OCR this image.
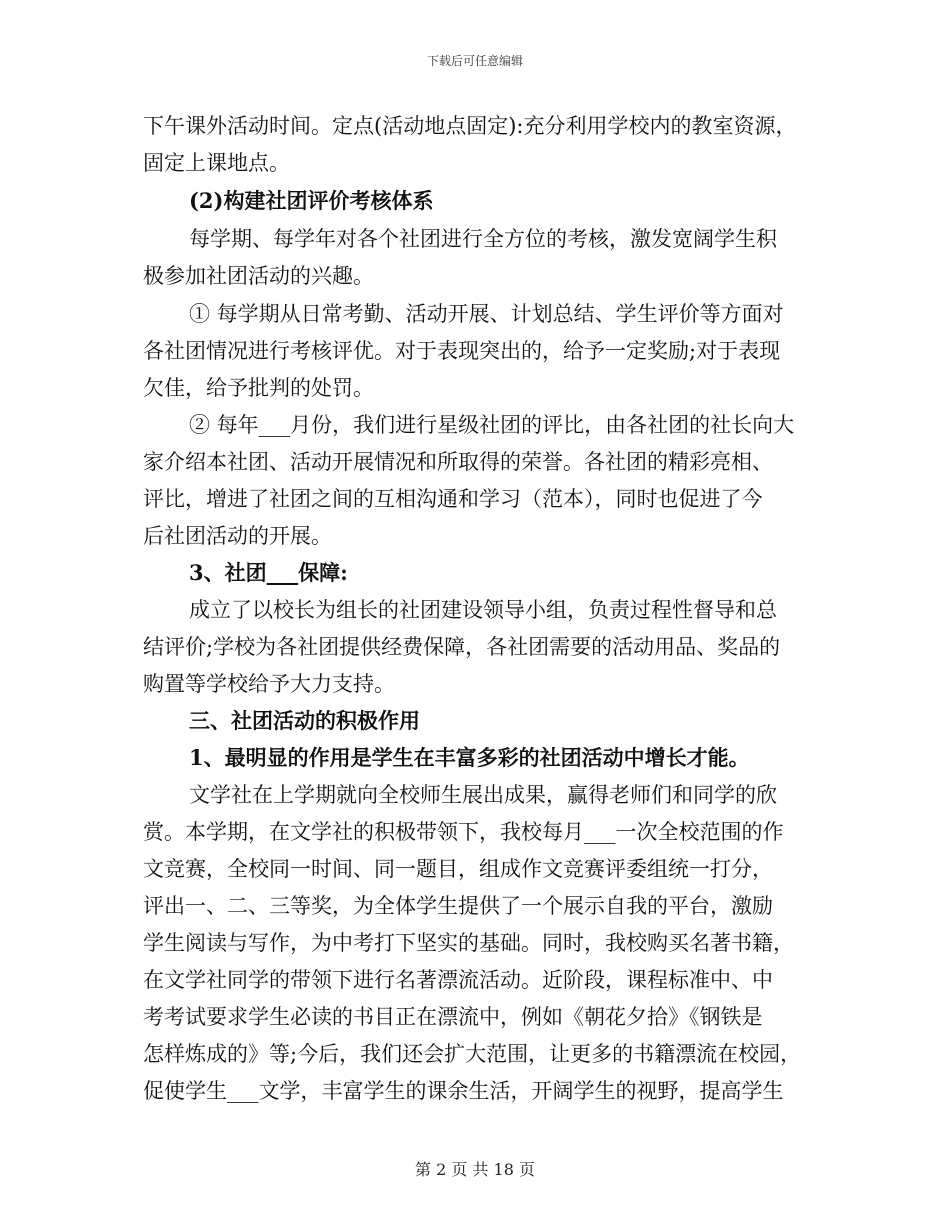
下载后可任意编辑
下午课外活动时间。定点(活动地点固定):充分利用学校内的教室资源，
固定上课地点。
(2)构建社团评价考核体系
每学期、每学年对各个社团进行全方位的考核，激发宽阔学生积
极参加社团活动的兴趣。
① 每学期从日常考勤、活动开展、计划总结、学生评价等方面对
各社团情况进行考核评优。对于表现突出的，给予一定奖励;对于表现
欠佳，给予批判的处罚。
② 每年___月份，我们进行星级社团的评比，由各社团的社长向大
家介绍本社团、活动开展情况和所取得的荣誉。各社团的精彩亮相、
评比，增进了社团之间的互相沟通和学习（范本），同时也促进了今
后社团活动的开展。
3、社团___保障:
成立了以校长为组长的社团建设领导小组，负责过程性督导和总
结评价;学校为各社团提供经费保障，各社团需要的活动用品、奖品的
购置等学校给予大力支持。
三、社团活动的积极作用
1、最明显的作用是学生在丰富多彩的社团活动中增长才能。
文学社在上学期就向全校师生展出成果，赢得老师们和同学的欣
赏。本学期，在文学社的积极带领下，我校每月___一次全校范围的作
文竞赛，全校同一时间、同一题目，组成作文竞赛评委组统一打分，
评出一、二、三等奖，为全体学生提供了一个展示自我的平台，激励
学生阅读与写作，为中考打下坚实的基础。同时，我校购买名著书籍，
在文学社同学的带领下进行名著漂流活动。近阶段，课程标准中、中
考考试要求学生必读的书目正在漂流中，例如《朝花夕拾》《钢铁是
怎样炼成的》等;今后，我们还会扩大范围，让更多的书籍漂流在校园，
促使学生___文学，丰富学生的课余生活，开阔学生的视野，提高学生
第 2 页 共 18 页
